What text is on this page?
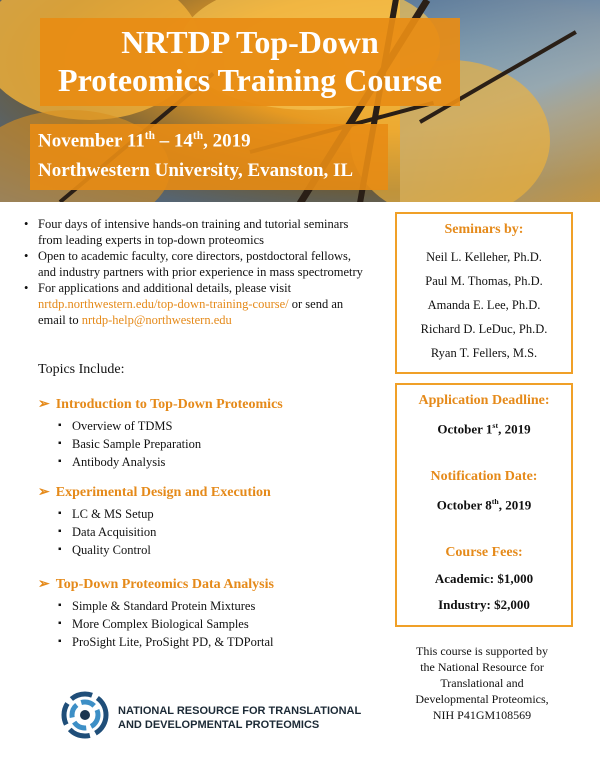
NRTDP Top-Down
Proteomics Training Course
November 11th – 14th, 2019
Northwestern University, Evanston, IL
• Four days of intensive hands-on training and tutorial seminars from leading experts in top-down proteomics
• Open to academic faculty, core directors, postdoctoral fellows, and industry partners with prior experience in mass spectrometry
• For applications and additional details, please visit nrtdp.northwestern.edu/top-down-training-course/ or send an email to nrtdp-help@northwestern.edu
Topics Include:
➢ Introduction to Top-Down Proteomics
▪ Overview of TDMS
▪ Basic Sample Preparation
▪ Antibody Analysis
➢ Experimental Design and Execution
▪ LC & MS Setup
▪ Data Acquisition
▪ Quality Control
➢ Top-Down Proteomics Data Analysis
▪ Simple & Standard Protein Mixtures
▪ More Complex Biological Samples
▪ ProSight Lite, ProSight PD, & TDPortal
NATIONAL RESOURCE FOR TRANSLATIONAL
AND DEVELOPMENTAL PROTEOMICS
Seminars by:
Neil L. Kelleher, Ph.D.
Paul M. Thomas, Ph.D.
Amanda E. Lee, Ph.D.
Richard D. LeDuc, Ph.D.
Ryan T. Fellers, M.S.
Application Deadline:
October 1st, 2019
Notification Date:
October 8th, 2019
Course Fees:
Academic: $1,000
Industry: $2,000
This course is supported by
the National Resource for
Translational and
Developmental Proteomics,
NIH P41GM108569
